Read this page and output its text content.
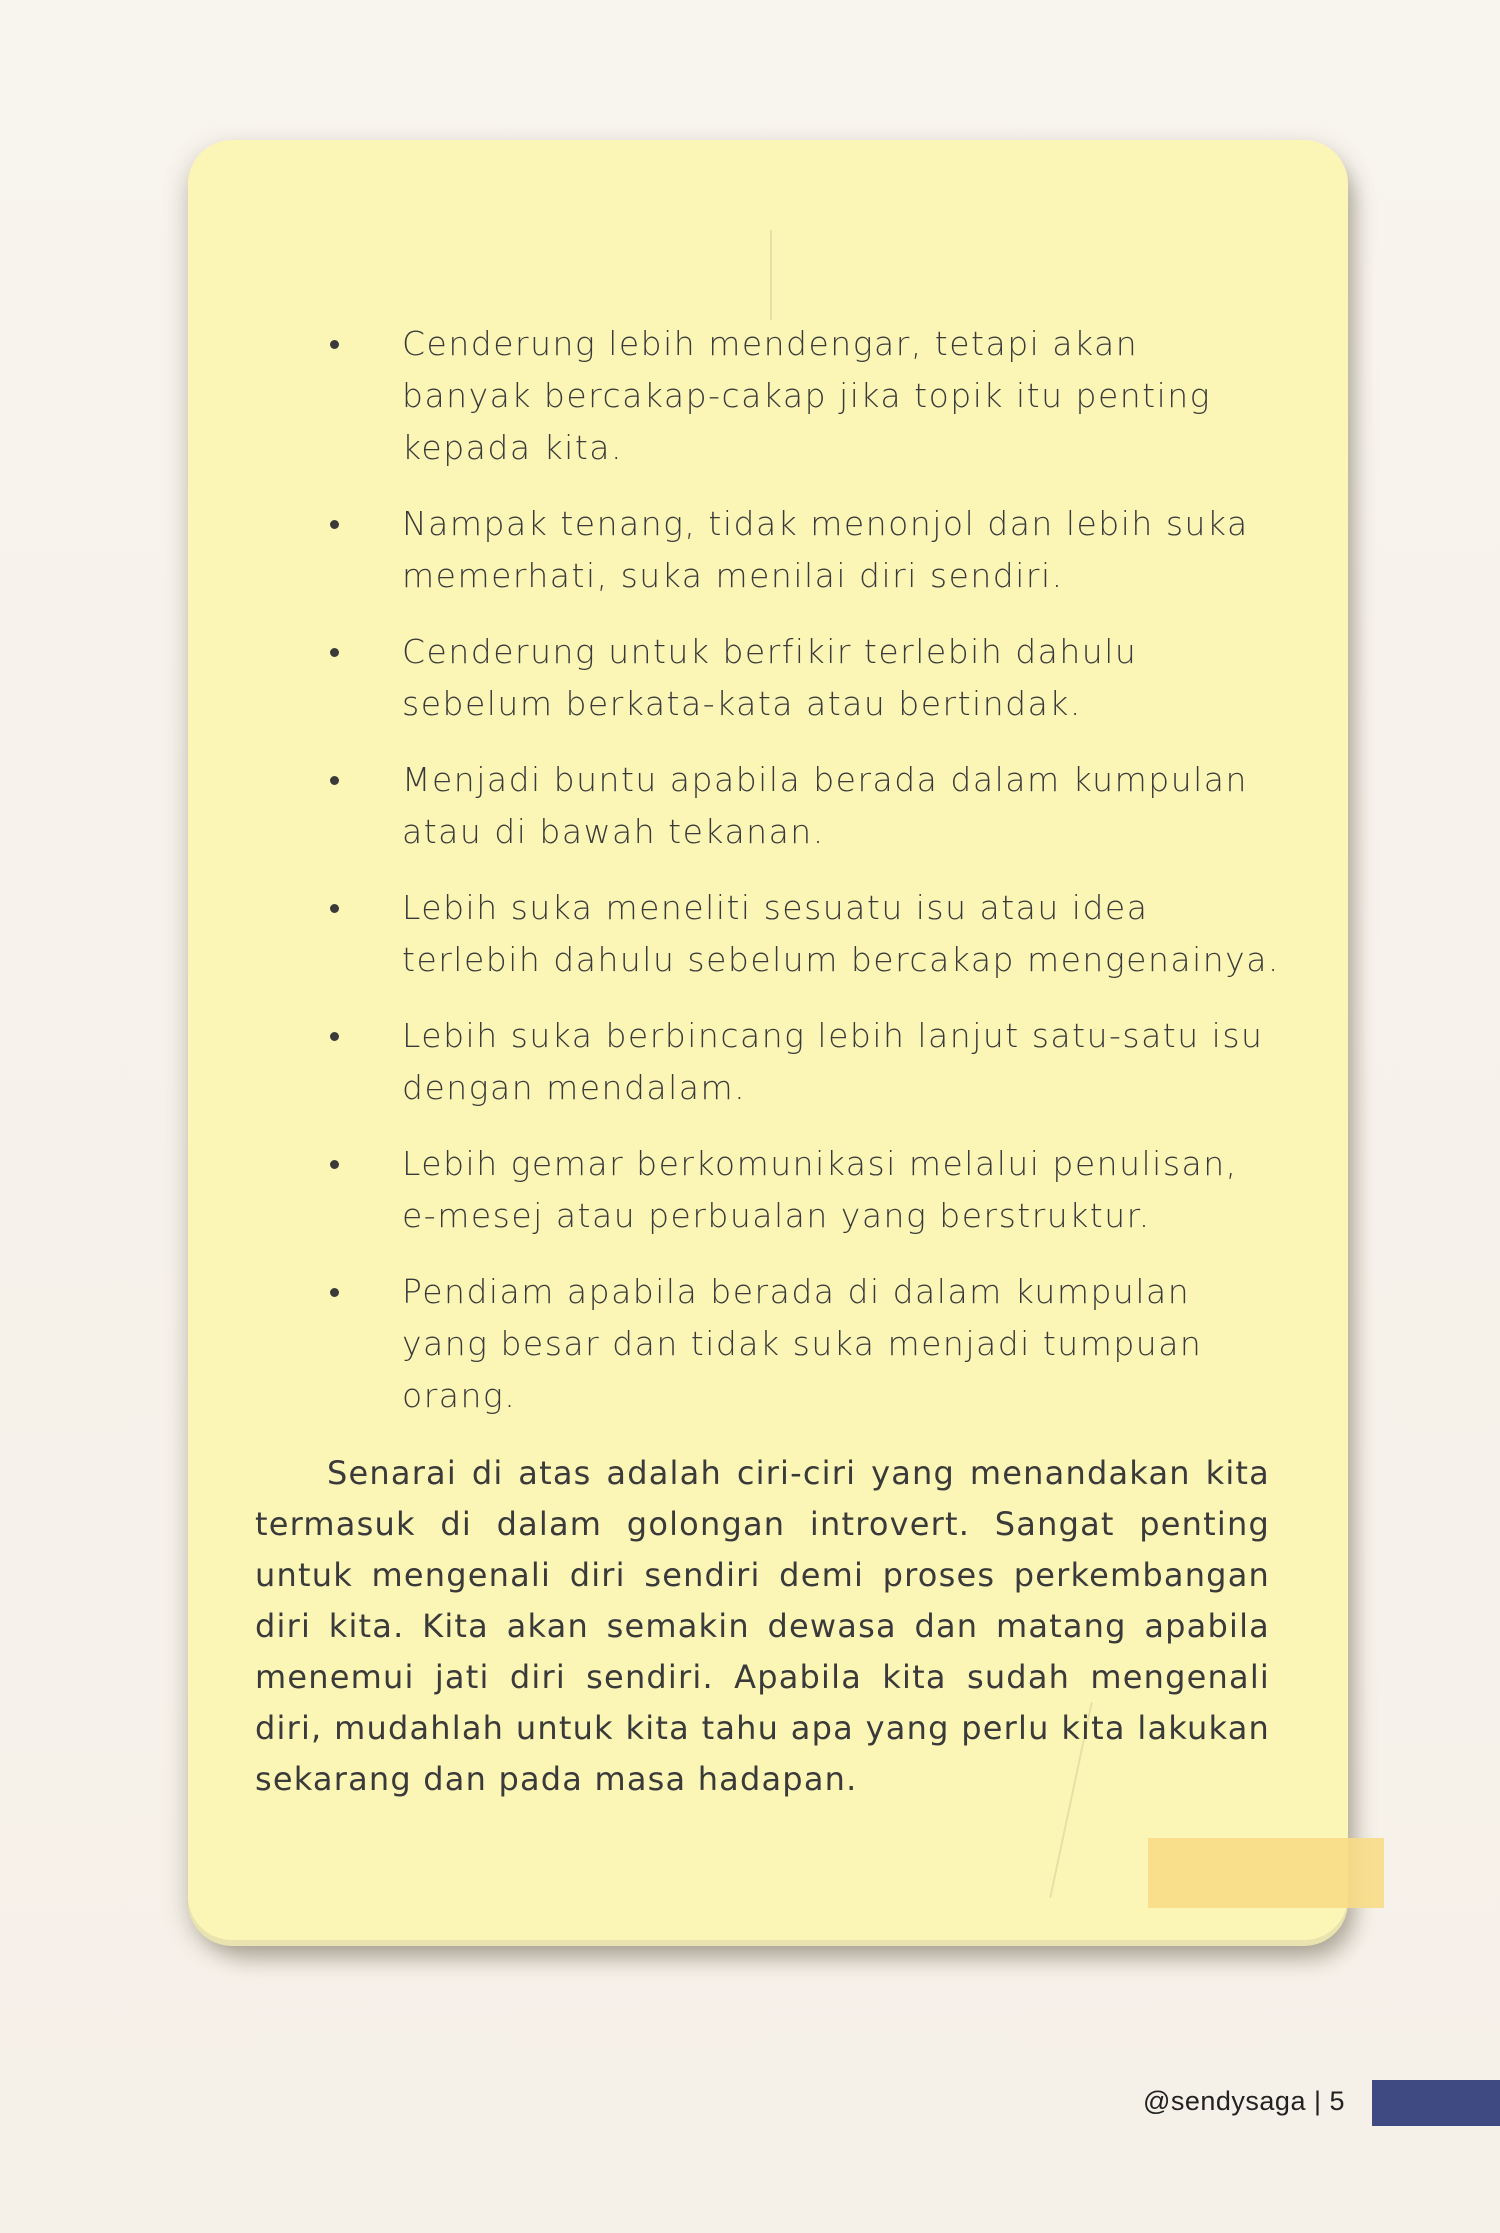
Cenderung lebih mendengar, tetapi akan banyak bercakap-cakap jika topik itu penting kepada kita.
Nampak tenang, tidak menonjol dan lebih suka memerhati, suka menilai diri sendiri.
Cenderung untuk berfikir terlebih dahulu sebelum berkata-kata atau bertindak.
Menjadi buntu apabila berada dalam kumpulan atau di bawah tekanan.
Lebih suka meneliti sesuatu isu atau idea terlebih dahulu sebelum bercakap mengenainya.
Lebih suka berbincang lebih lanjut satu-satu isu dengan mendalam.
Lebih gemar berkomunikasi melalui penulisan, e-mesej atau perbualan yang berstruktur.
Pendiam apabila berada di dalam kumpulan yang besar dan tidak suka menjadi tumpuan orang.

Senarai di atas adalah ciri-ciri yang menandakan kita termasuk di dalam golongan introvert. Sangat penting untuk mengenali diri sendiri demi proses perkembangan diri kita. Kita akan semakin dewasa dan matang apabila menemui jati diri sendiri. Apabila kita sudah mengenali diri, mudahlah untuk kita tahu apa yang perlu kita lakukan sekarang dan pada masa hadapan.

@sendysaga | 5
